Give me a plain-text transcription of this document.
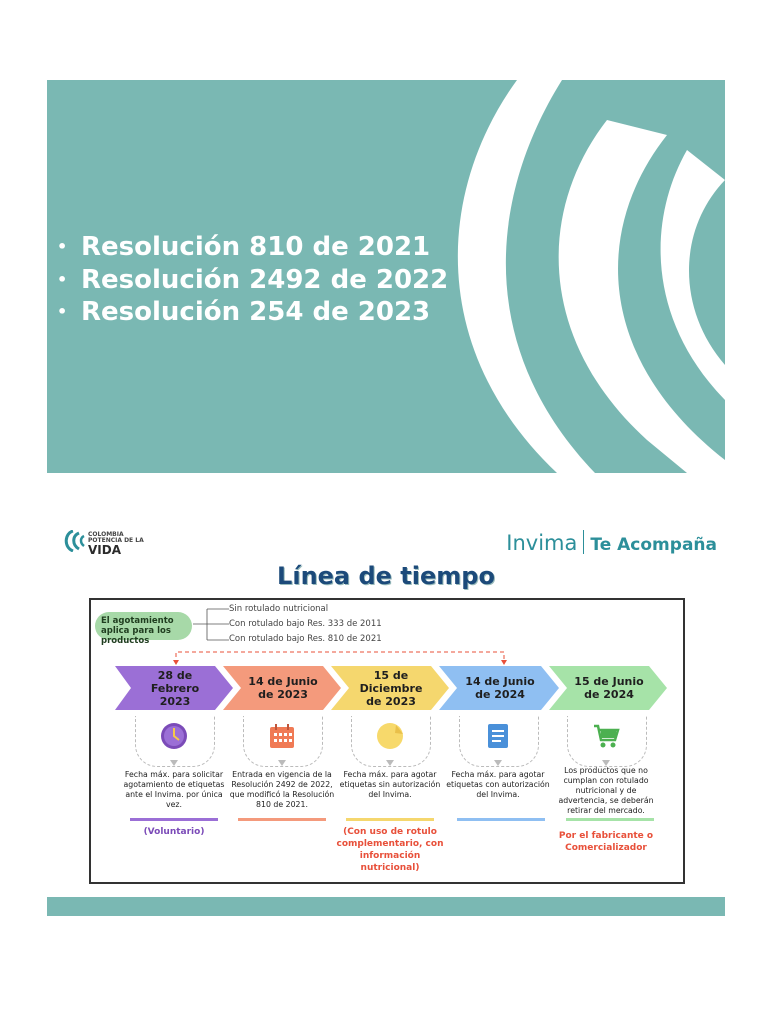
• Resolución 810 de 2021
• Resolución 2492 de 2022
• Resolución 254 de 2023
COLOMBIA POTENCIA DE LA
VIDA	Invima Te Acompaña
Línea de tiempo
El agotamiento aplica para los productos
Sin rotulado nutricional
Con rotulado bajo Res. 333 de 2011
Con rotulado bajo Res. 810 de 2021
28 de Febrero 2023
14 de Junio de 2023
15 de Diciembre de 2023
14 de Junio de 2024
15 de Junio de 2024
Fecha máx. para solicitar agotamiento de etiquetas ante el Invima. por única vez.
Entrada en vigencia de la Resolución 2492 de 2022, que modificó la Resolución 810 de 2021.
Fecha máx. para agotar etiquetas sin autorización del Invima.
Fecha máx. para agotar etiquetas con autorización del Invima.
Los productos que no cumplan con rotulado nutricional y de advertencia, se deberán retirar del mercado.
(Voluntario)	(Con uso de rotulo complementario, con información nutricional)
Por el fabricante o Comercializador
